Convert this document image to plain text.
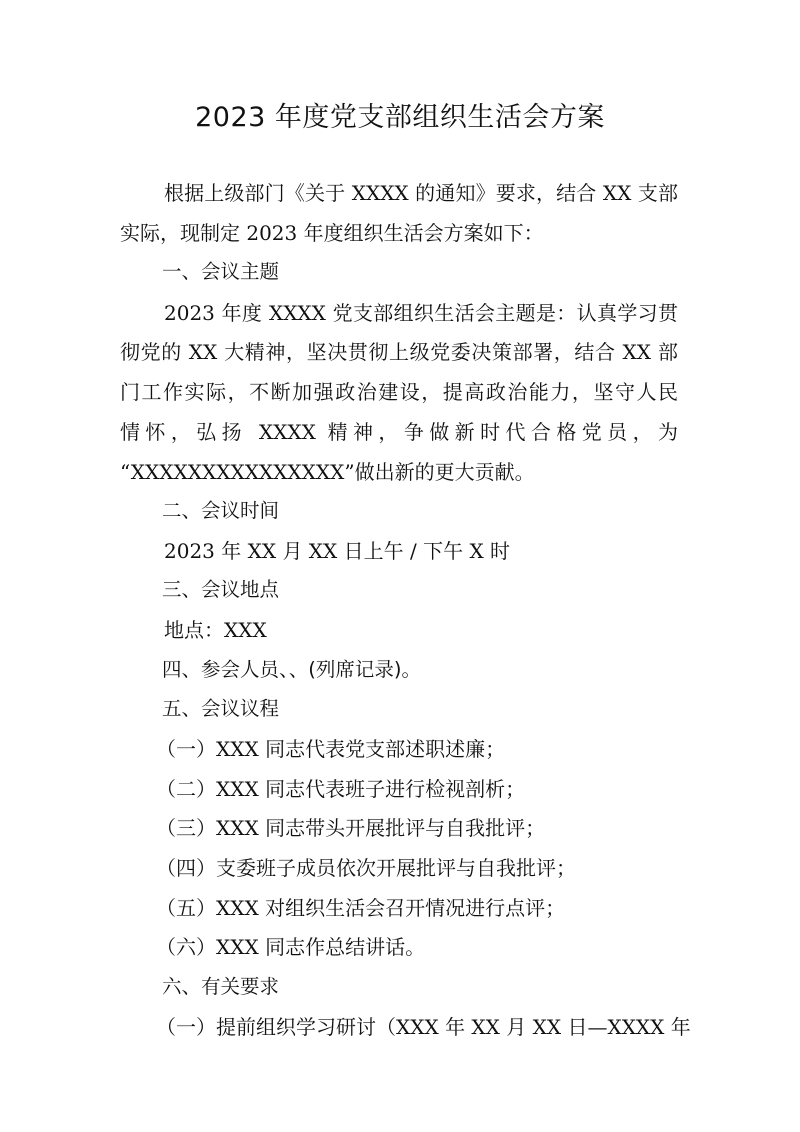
2023 年度党支部组织生活会方案
根据上级部门《关于 XXXX 的通知》要求，结合 XX 支部
实际，现制定 2023 年度组织生活会方案如下：
一、会议主题
2023 年度 XXXX 党支部组织生活会主题是：认真学习贯
彻党的 XX 大精神，坚决贯彻上级党委决策部署，结合 XX 部
门工作实际，不断加强政治建设，提高政治能力，坚守人民
情怀，弘扬 XXXX 精神，争做新时代合格党员，为
“XXXXXXXXXXXXXXX”做出新的更大贡献。
二、会议时间
2023 年 XX 月 XX 日上午 / 下午 X 时
三、会议地点
地点：XXX
四、参会人员、、(列席记录)。
五、会议议程
（一）XXX 同志代表党支部述职述廉；
（二）XXX 同志代表班子进行检视剖析；
（三）XXX 同志带头开展批评与自我批评；
（四）支委班子成员依次开展批评与自我批评；
（五）XXX 对组织生活会召开情况进行点评；
（六）XXX 同志作总结讲话。
六、有关要求
（一）提前组织学习研讨（XXX 年 XX 月 XX 日—XXXX 年
